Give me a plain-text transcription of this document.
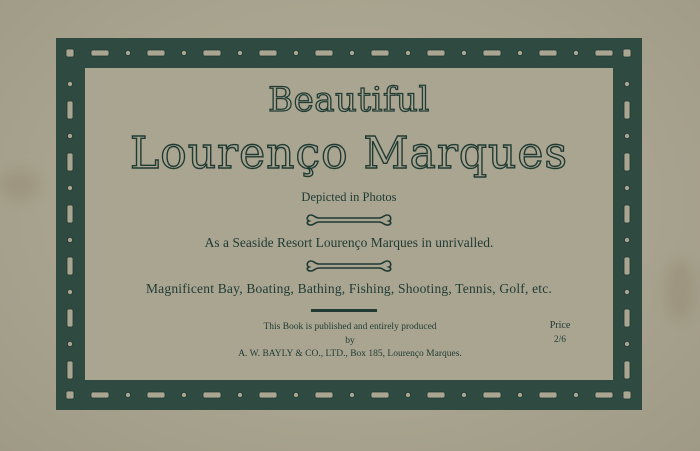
Beautiful

Lourenço Marques

Depicted in Photos

As a Seaside Resort Lourenço Marques in unrivalled.

Magnificent Bay, Boating, Bathing, Fishing, Shooting, Tennis, Golf, etc.

This Book is published and entirely produced
by
A. W. BAYLY & CO., LTD., Box 185, Lourenço Marques.
Price
2/6
